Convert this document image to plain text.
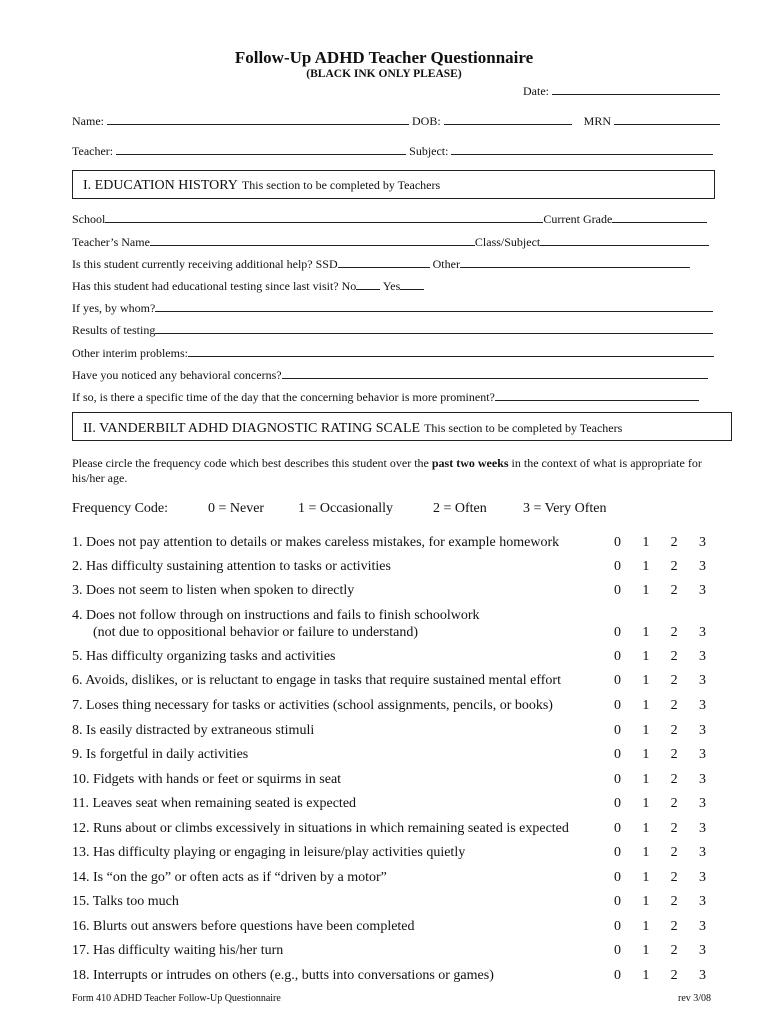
Follow-Up ADHD Teacher Questionnaire
(BLACK INK ONLY PLEASE)
Date:
Name:	DOB:	MRN
Teacher:	Subject:
I. EDUCATION HISTORY This section to be completed by Teachers
School	Current Grade
Teacher’s Name	Class/Subject
Is this student currently receiving additional help? SSD	Other
Has this student had educational testing since last visit? No Yes
If yes, by whom?
Results of testing
Other interim problems:
Have you noticed any behavioral concerns?
If so, is there a specific time of the day that the concerning behavior is more prominent?
II. VANDERBILT ADHD DIAGNOSTIC RATING SCALE This section to be completed by Teachers
Please circle the frequency code which best describes this student over the past two weeks in the context of what is appropriate for his/her age.
Frequency Code:	0 = Never 1 = Occasionally	2 = Often	3 = Very Often
1. Does not pay attention to details or makes careless mistakes, for example homework	0 1 2 3
2. Has difficulty sustaining attention to tasks or activities	0 1 2 3
3. Does not seem to listen when spoken to directly	0 1 2 3
4. Does not follow through on instructions and fails to finish schoolwork
(not due to oppositional behavior or failure to understand)	0 1 2 3
5. Has difficulty organizing tasks and activities	0 1 2 3
6. Avoids, dislikes, or is reluctant to engage in tasks that require sustained mental effort	0 1 2 3
7. Loses thing necessary for tasks or activities (school assignments, pencils, or books)	0 1 2 3
8. Is easily distracted by extraneous stimuli	0 1 2 3
9. Is forgetful in daily activities	0 1 2 3
10. Fidgets with hands or feet or squirms in seat	0 1 2 3
11. Leaves seat when remaining seated is expected	0 1 2 3
12. Runs about or climbs excessively in situations in which remaining seated is expected	0 1 2 3
13. Has difficulty playing or engaging in leisure/play activities quietly	0 1 2 3
14. Is “on the go” or often acts as if “driven by a motor”	0 1 2 3
15. Talks too much	0 1 2 3
16. Blurts out answers before questions have been completed	0 1 2 3
17. Has difficulty waiting his/her turn	0 1 2 3
18. Interrupts or intrudes on others (e.g., butts into conversations or games)	0 1 2 3
Form 410 ADHD Teacher Follow-Up Questionnaire	rev 3/08
